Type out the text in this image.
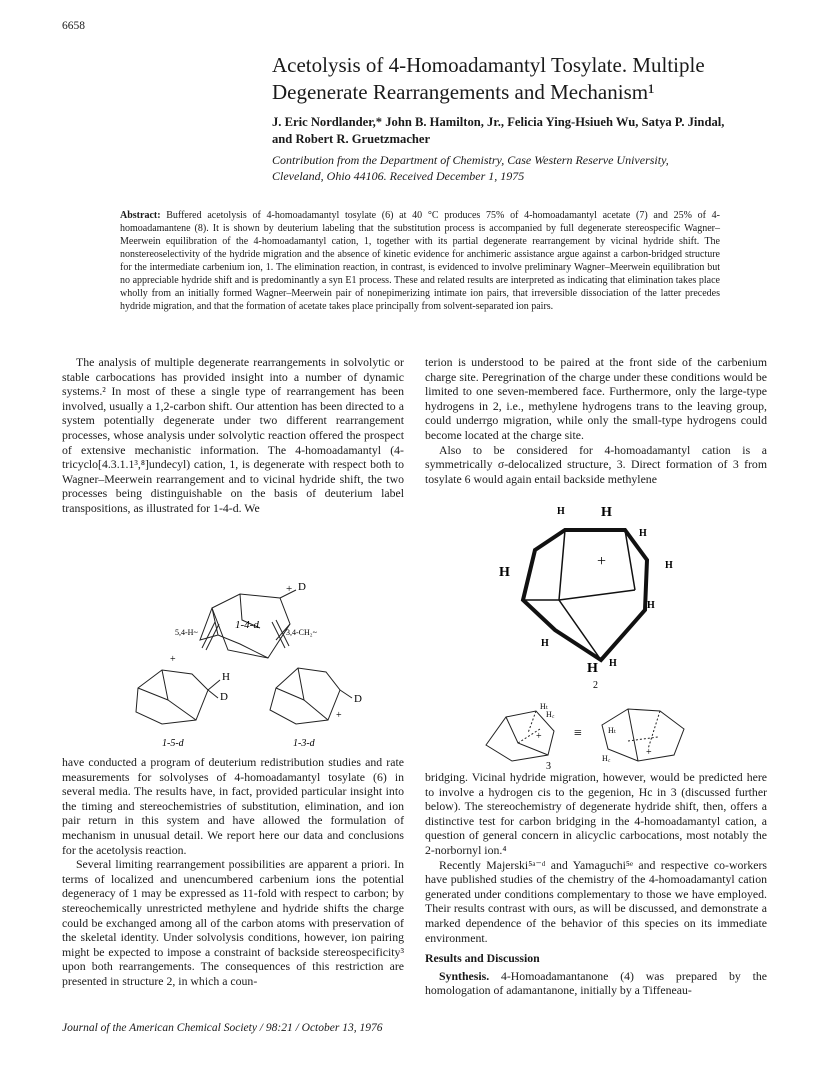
6658
Acetolysis of 4-Homoadamantyl Tosylate. Multiple
Degenerate Rearrangements and Mechanism¹
J. Eric Nordlander,* John B. Hamilton, Jr., Felicia Ying-Hsiueh Wu, Satya P. Jindal,
and Robert R. Gruetzmacher
Contribution from the Department of Chemistry, Case Western Reserve University,
Cleveland, Ohio 44106. Received December 1, 1975
Abstract: Buffered acetolysis of 4-homoadamantyl tosylate (6) at 40 °C produces 75% of 4-homoadamantyl acetate (7) and 25% of 4-homoadamantene (8). It is shown by deuterium labeling that the substitution process is accompanied by full degenerate stereospecific Wagner–Meerwein equilibration of the 4-homoadamantyl cation, 1, together with its partial degenerate rearrangement by vicinal hydride shift. The nonstereoselectivity of the hydride migration and the absence of kinetic evidence for anchimeric assistance argue against a carbon-bridged structure for the intermediate carbenium ion, 1. The elimination reaction, in contrast, is evidenced to involve preliminary Wagner–Meerwein equilibration but no appreciable hydride shift and is predominantly a syn E1 process. These and related results are interpreted as indicating that elimination takes place wholly from an initially formed Wagner–Meerwein pair of nonepimerizing intimate ion pairs, that irreversible dissociation of the latter precedes hydride migration, and that the formation of acetate takes place principally from solvent-separated ion pairs.

The analysis of multiple degenerate rearrangements in solvolytic or stable carbocations has provided insight into a number of dynamic systems.² In most of these a single type of rearrangement has been involved, usually a 1,2-carbon shift. Our attention has been directed to a system potentially degenerate under two different rearrangement processes, whose analysis under solvolytic reaction offered the prospect of extensive mechanistic information. The 4-homoadamantyl (4-tricyclo[4.3.1.1³,⁸]undecyl) cation, 1, is degenerate with respect both to Wagner–Meerwein rearrangement and to vicinal hydride shift, the two processes being distinguishable on the basis of deuterium label transpositions, as illustrated for 1-4-d. We

D
+
1-4-d
5,4-H~	3,4-CH₂~
H
D
+
1-5-d
D
+
1-3-d

have conducted a program of deuterium redistribution studies and rate measurements for solvolyses of 4-homoadamantyl tosylate (6) in several media. The results have, in fact, provided particular insight into the timing and stereochemistries of substitution, elimination, and ion pair return in this system and have allowed the formulation of mechanism in unusual detail. We report here our data and conclusions for the acetolysis reaction.

Several limiting rearrangement possibilities are apparent a priori. In terms of localized and unencumbered carbenium ions the potential degeneracy of 1 may be expressed as 11-fold with respect to carbon; by stereochemically unrestricted methylene and hydride shifts the charge could be exchanged among all of the carbon atoms with preservation of the skeletal identity. Under solvolysis conditions, however, ion pairing might be expected to impose a constraint of backside stereospecificity³ upon both rearrangements. The consequences of this restriction are presented in structure 2, in which a coun-

terion is understood to be paired at the front side of the carbenium charge site. Peregrination of the charge under these conditions would be limited to one seven-membered face. Furthermore, only the large-type hydrogens in 2, i.e., methylene hydrogens trans to the leaving group, could underrgo migration, while only the small-type hydrogens could become located at the charge site.

Also to be considered for 4-homoadamantyl cation is a symmetrically σ-delocalized structure, 3. Direct formation of 3 from tosylate 6 would again entail backside methylene

H	H
H
H
+	H
H
H
H H
2
Hₜ
H꜀
+ ≡	Hₜ
H꜀
+
3

bridging. Vicinal hydride migration, however, would be predicted here to involve a hydrogen cis to the gegenion, Hc in 3 (discussed further below). The stereochemistry of degenerate hydride shift, then, offers a distinctive test for carbon bridging in the 4-homoadamantyl cation, a question of general concern in alicyclic carbocations, most notably the 2-norbornyl ion.⁴

Recently Majerski⁵ᵃ⁻ᵈ and Yamaguchi⁵ᵉ and respective co-workers have published studies of the chemistry of the 4-homoadamantyl cation generated under conditions complementary to those we have employed. Their results contrast with ours, as will be discussed, and demonstrate a marked dependence of the behavior of this species on its immediate environment.

Results and Discussion

Synthesis. 4-Homoadamantanone (4) was prepared by the homologation of adamantanone, initially by a Tiffeneau-

Journal of the American Chemical Society / 98:21 / October 13, 1976
